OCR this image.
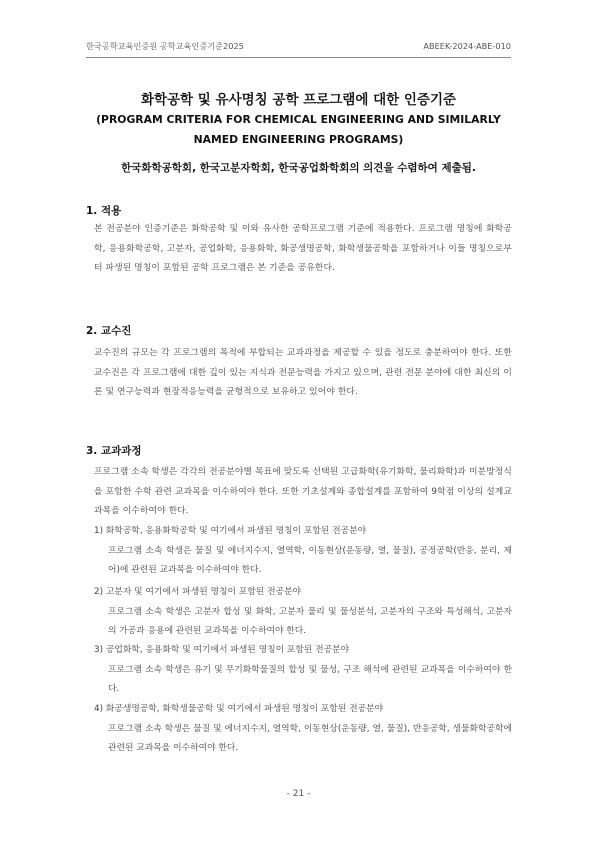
한국공학교육인증원 공학교육인증기준2025	ABEEK-2024-ABE-010
화학공학 및 유사명칭 공학 프로그램에 대한 인증기준
(PROGRAM CRITERIA FOR CHEMICAL ENGINEERING AND SIMILARLY NAMED ENGINEERING PROGRAMS)
한국화학공학회, 한국고분자학회, 한국공업화학회의 의견을 수렴하여 제출됨.
1. 적용
본 전공분야 인증기준은 화학공학 및 이와 유사한 공학프로그램 기준에 적용한다. 프로그램 명칭에 화학공학, 응용화학공학, 고분자, 공업화학, 응용화학, 화공생명공학, 화학생물공학을 포함하거나 이들 명칭으로부터 파생된 명칭이 포함된 공학 프로그램은 본 기준을 공유한다.
2. 교수진
교수진의 규모는 각 프로그램의 목적에 부합되는 교과과정을 제공할 수 있을 정도로 충분하여야 한다. 또한 교수진은 각 프로그램에 대한 깊이 있는 지식과 전문능력을 가지고 있으며, 관련 전문 분야에 대한 최신의 이론 및 연구능력과 현장적응능력을 균형적으로 보유하고 있어야 한다.
3. 교과과정
프로그램 소속 학생은 각각의 전공분야별 목표에 맞도록 선택된 고급화학(유기화학, 물리화학)과 미분방정식을 포함한 수학 관련 교과목을 이수하여야 한다. 또한 기초설계와 종합설계를 포함하여 9학점 이상의 설계교과목을 이수하여야 한다.
1) 화학공학, 응용화학공학 및 여기에서 파생된 명칭이 포함된 전공분야
프로그램 소속 학생은 물질 및 에너지수지, 열역학, 이동현상(운동량, 열, 물질), 공정공학(반응, 분리, 제어)에 관련된 교과목을 이수하여야 한다.
2) 고분자 및 여기에서 파생된 명칭이 포함된 전공분야
프로그램 소속 학생은 고분자 합성 및 화학, 고분자 물리 및 물성분석, 고분자의 구조와 특성해석, 고분자의 가공과 응용에 관련된 교과목을 이수하여야 한다.
3) 공업화학, 응용화학 및 여기에서 파생된 명칭이 포함된 전공분야
프로그램 소속 학생은 유기 및 무기화학물질의 합성 및 물성, 구조 해석에 관련된 교과목을 이수하여야 한다.
4) 화공생명공학, 화학생물공학 및 여기에서 파생된 명칭이 포함된 전공분야
프로그램 소속 학생은 물질 및 에너지수지, 열역학, 이동현상(운동량, 열, 물질), 반응공학, 생물화학공학에 관련된 교과목을 이수하여야 한다.
- 21 -
